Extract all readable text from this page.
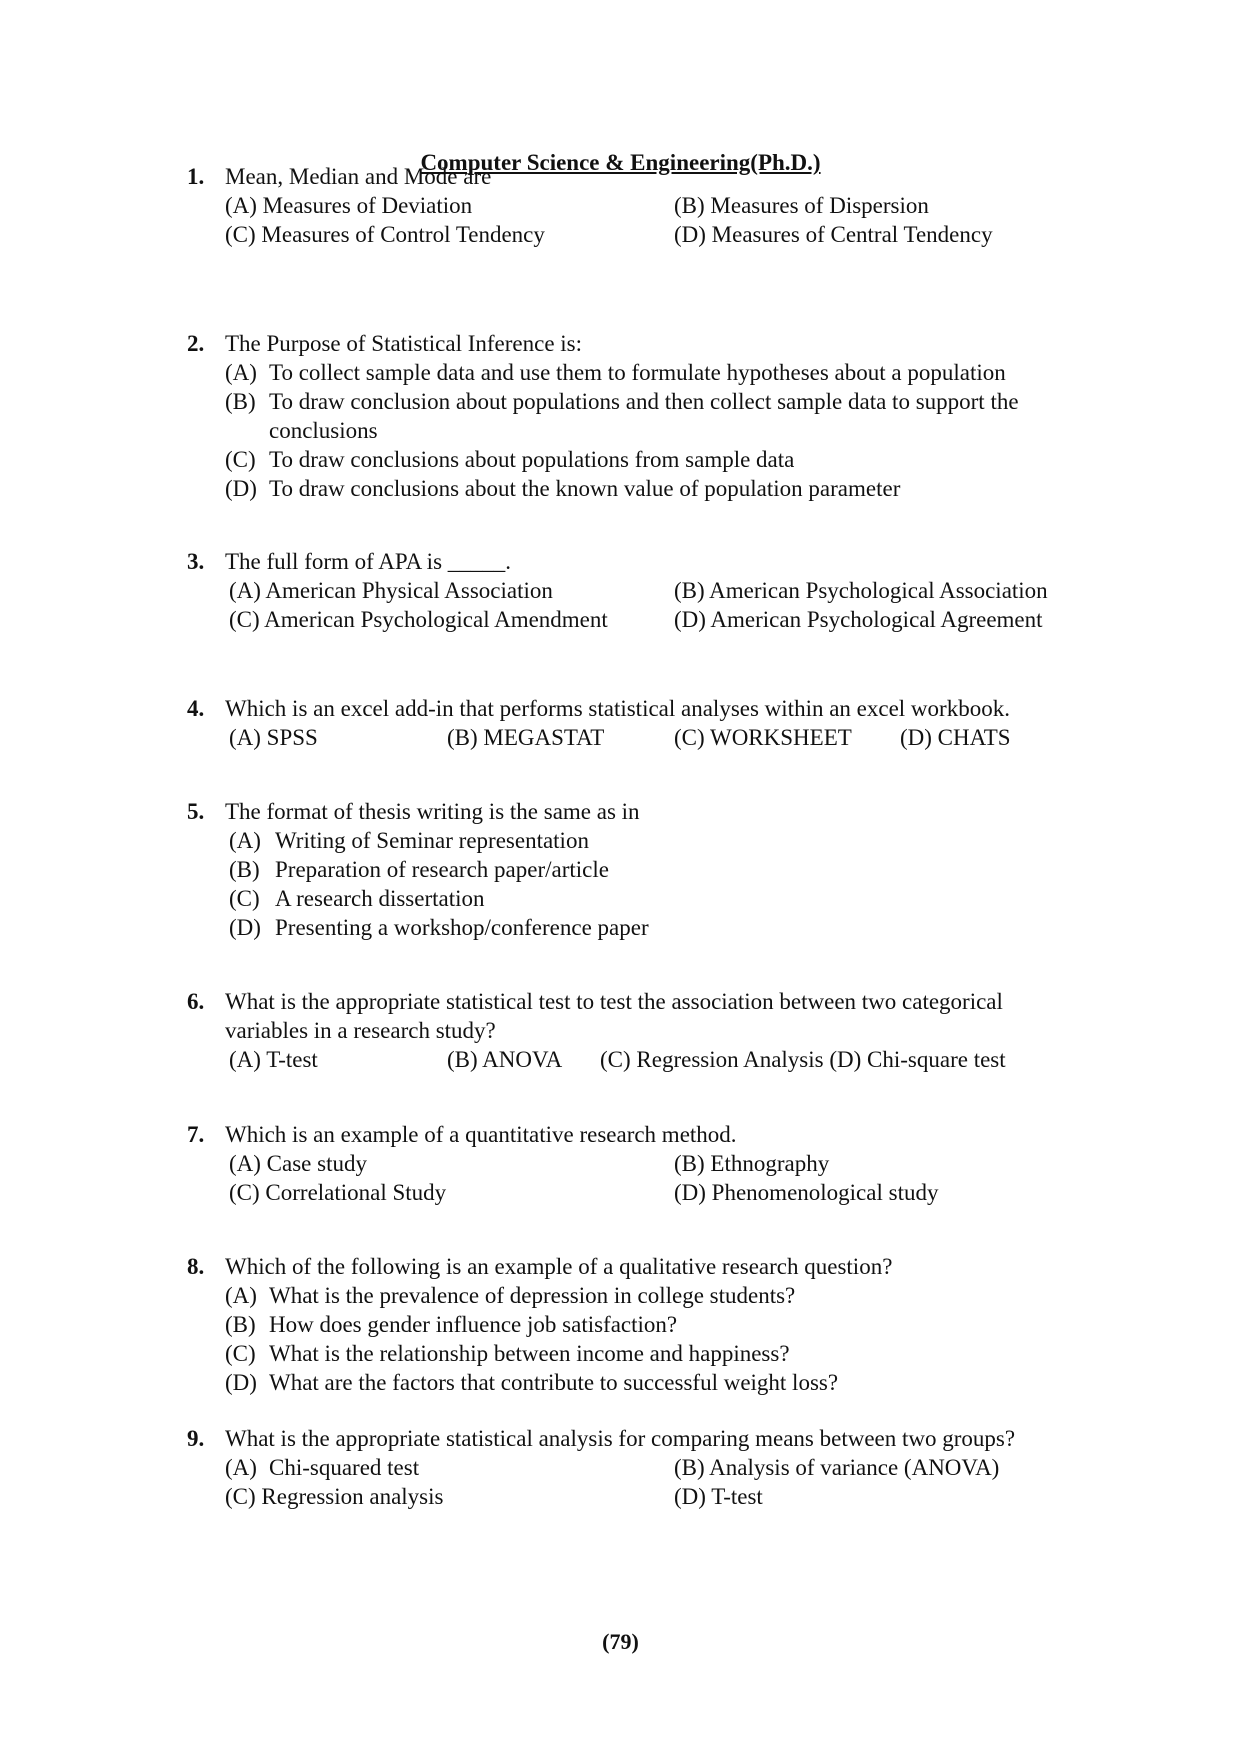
Computer Science & Engineering(Ph.D.)
1. Mean, Median and Mode are
(A) Measures of Deviation	(B) Measures of Dispersion
(C) Measures of Control Tendency	(D) Measures of Central Tendency
2. The Purpose of Statistical Inference is:
(A) To collect sample data and use them to formulate hypotheses about a population
(B) To draw conclusion about populations and then collect sample data to support the
conclusions
(C) To draw conclusions about populations from sample data
(D) To draw conclusions about the known value of population parameter
3. The full form of APA is _____.
(A) American Physical Association	(B) American Psychological Association
(C) American Psychological Amendment	(D) American Psychological Agreement
4. Which is an excel add-in that performs statistical analyses within an excel workbook.
(A) SPSS	(B) MEGASTAT	(C) WORKSHEET (D) CHATS
5. The format of thesis writing is the same as in
(A) Writing of Seminar representation
(B) Preparation of research paper/article
(C) A research dissertation
(D) Presenting a workshop/conference paper
6. What is the appropriate statistical test to test the association between two categorical
variables in a research study?
(A) T-test	(B) ANOVA (C) Regression Analysis (D) Chi-square test
7. Which is an example of a quantitative research method.
(A) Case study	(B) Ethnography
(C) Correlational Study	(D) Phenomenological study
8. Which of the following is an example of a qualitative research question?
(A) What is the prevalence of depression in college students?
(B) How does gender influence job satisfaction?
(C) What is the relationship between income and happiness?
(D) What are the factors that contribute to successful weight loss?
9. What is the appropriate statistical analysis for comparing means between two groups?
(A) Chi-squared test	(B) Analysis of variance (ANOVA)
(C) Regression analysis	(D) T-test
(79)
